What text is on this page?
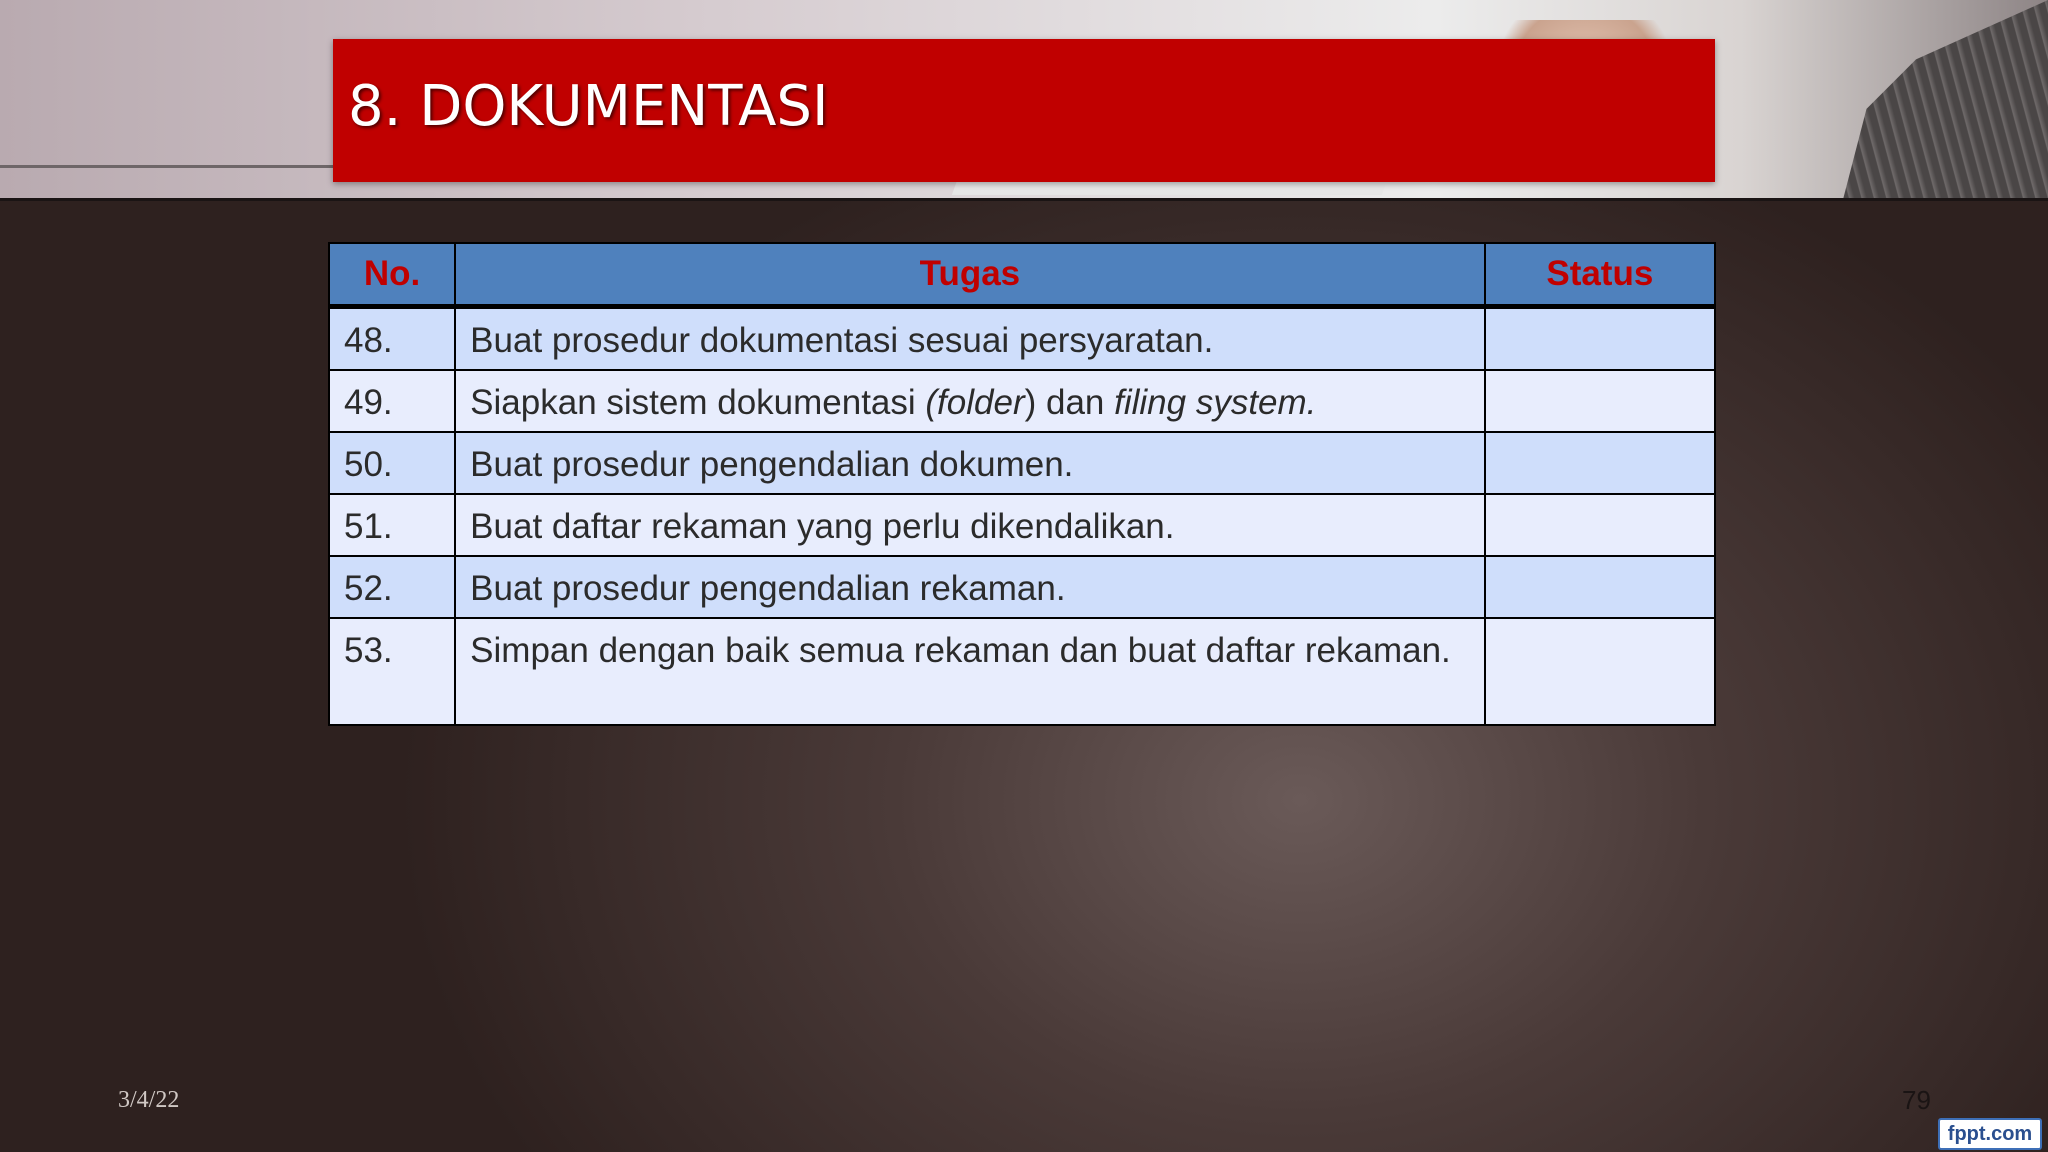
8. DOKUMENTASI
No.	Tugas	Status
48.	Buat prosedur dokumentasi sesuai persyaratan.	
49.	Siapkan sistem dokumentasi (folder) dan filing system.	
50.	Buat prosedur pengendalian dokumen.	
51.	Buat daftar rekaman yang perlu dikendalikan.	
52.	Buat prosedur pengendalian rekaman.	
53.	Simpan dengan baik semua rekaman dan buat daftar rekaman.	
3/4/22	79
fppt.com
